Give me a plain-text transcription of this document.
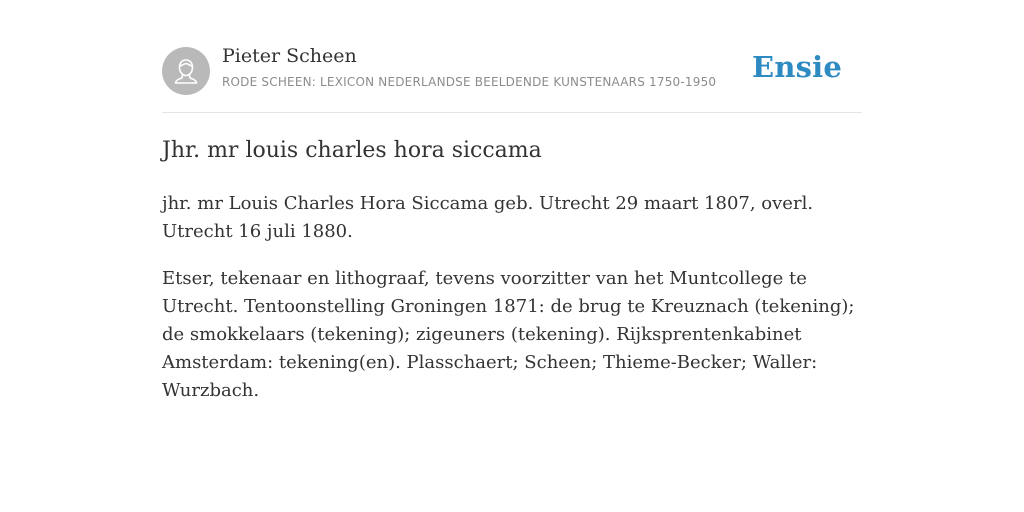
Pieter Scheen
RODE SCHEEN: LEXICON NEDERLANDSE BEELDENDE KUNSTENAARS 1750-1950 Ensie
Jhr. mr louis charles hora siccama

jhr. mr Louis Charles Hora Siccama geb. Utrecht 29 maart 1807, overl. Utrecht 16 juli 1880.

Etser, tekenaar en lithograaf, tevens voorzitter van het Muntcollege te Utrecht. Tentoonstelling Groningen 1871: de brug te Kreuznach (tekening); de smokkelaars (tekening); zigeuners (tekening). Rijksprentenkabinet Amsterdam: tekening(en). Plasschaert; Scheen; Thieme-Becker; Waller: Wurzbach.
